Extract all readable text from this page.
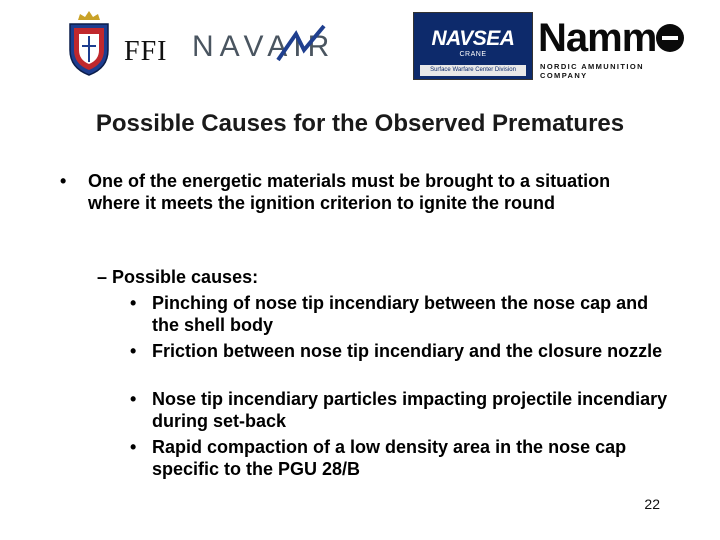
FFI NAVAIR	NAVSEA
CRANE
Surface Warfare Center Division
Namm
NORDIC AMMUNITION COMPANY
Possible Causes for the Observed Prematures
• One of the energetic materials must be brought to a situation where it meets the ignition criterion to ignite the round
– Possible causes:
• Pinching of nose tip incendiary between the nose cap and the shell body
• Friction between nose tip incendiary and the closure nozzle
• Nose tip incendiary particles impacting projectile incendiary during set-back
• Rapid compaction of a low density area in the nose cap specific to the PGU 28/B
22
